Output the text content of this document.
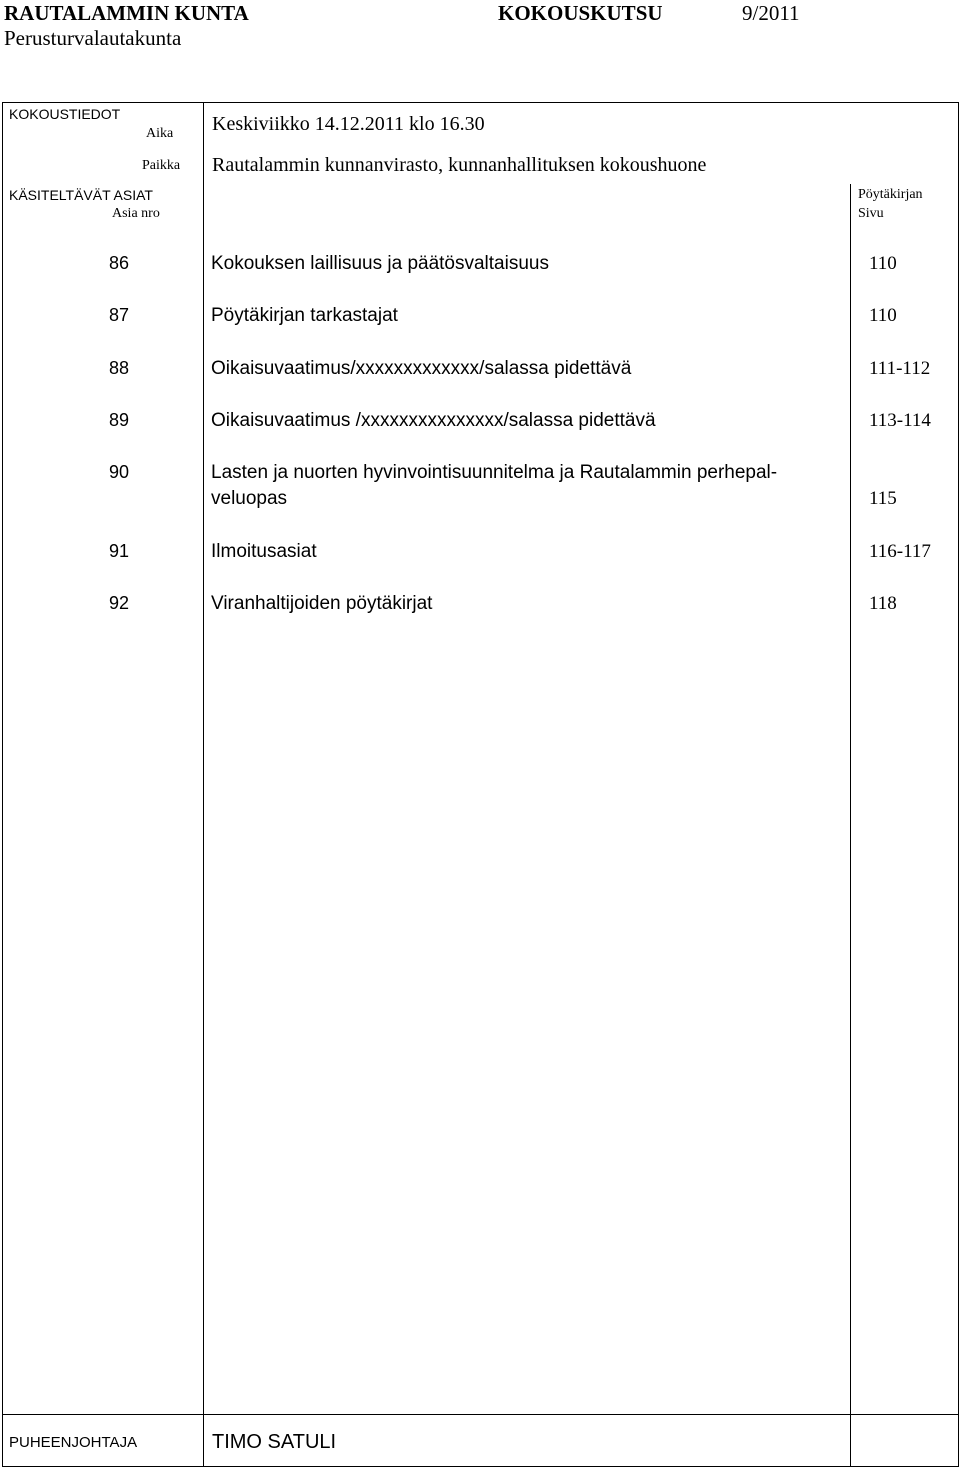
RAUTALAMMIN KUNTA	KOKOUSKUTSU	9/2011
Perusturvalautakunta
KOKOUSTIEDOT
Aika Keskiviikko 14.12.2011 klo 16.30
Paikka Rautalammin kunnanvirasto, kunnanhallituksen kokoushuone
KÄSITELTÄVÄT ASIAT
Asia nro
Pöytäkirjan
Sivu
86	Kokouksen laillisuus ja päätösvaltaisuus	110
87	Pöytäkirjan tarkastajat	110
88	Oikaisuvaatimus/xxxxxxxxxxxxx/salassa pidettävä	111-112
89	Oikaisuvaatimus /xxxxxxxxxxxxxxx/salassa pidettävä	113-114
90	Lasten ja nuorten hyvinvointisuunnitelma ja Rautalammin perhepal-
veluopas	115
91	Ilmoitusasiat	116-117
92	Viranhaltijoiden pöytäkirjat	118
PUHEENJOHTAJA	TIMO SATULI
